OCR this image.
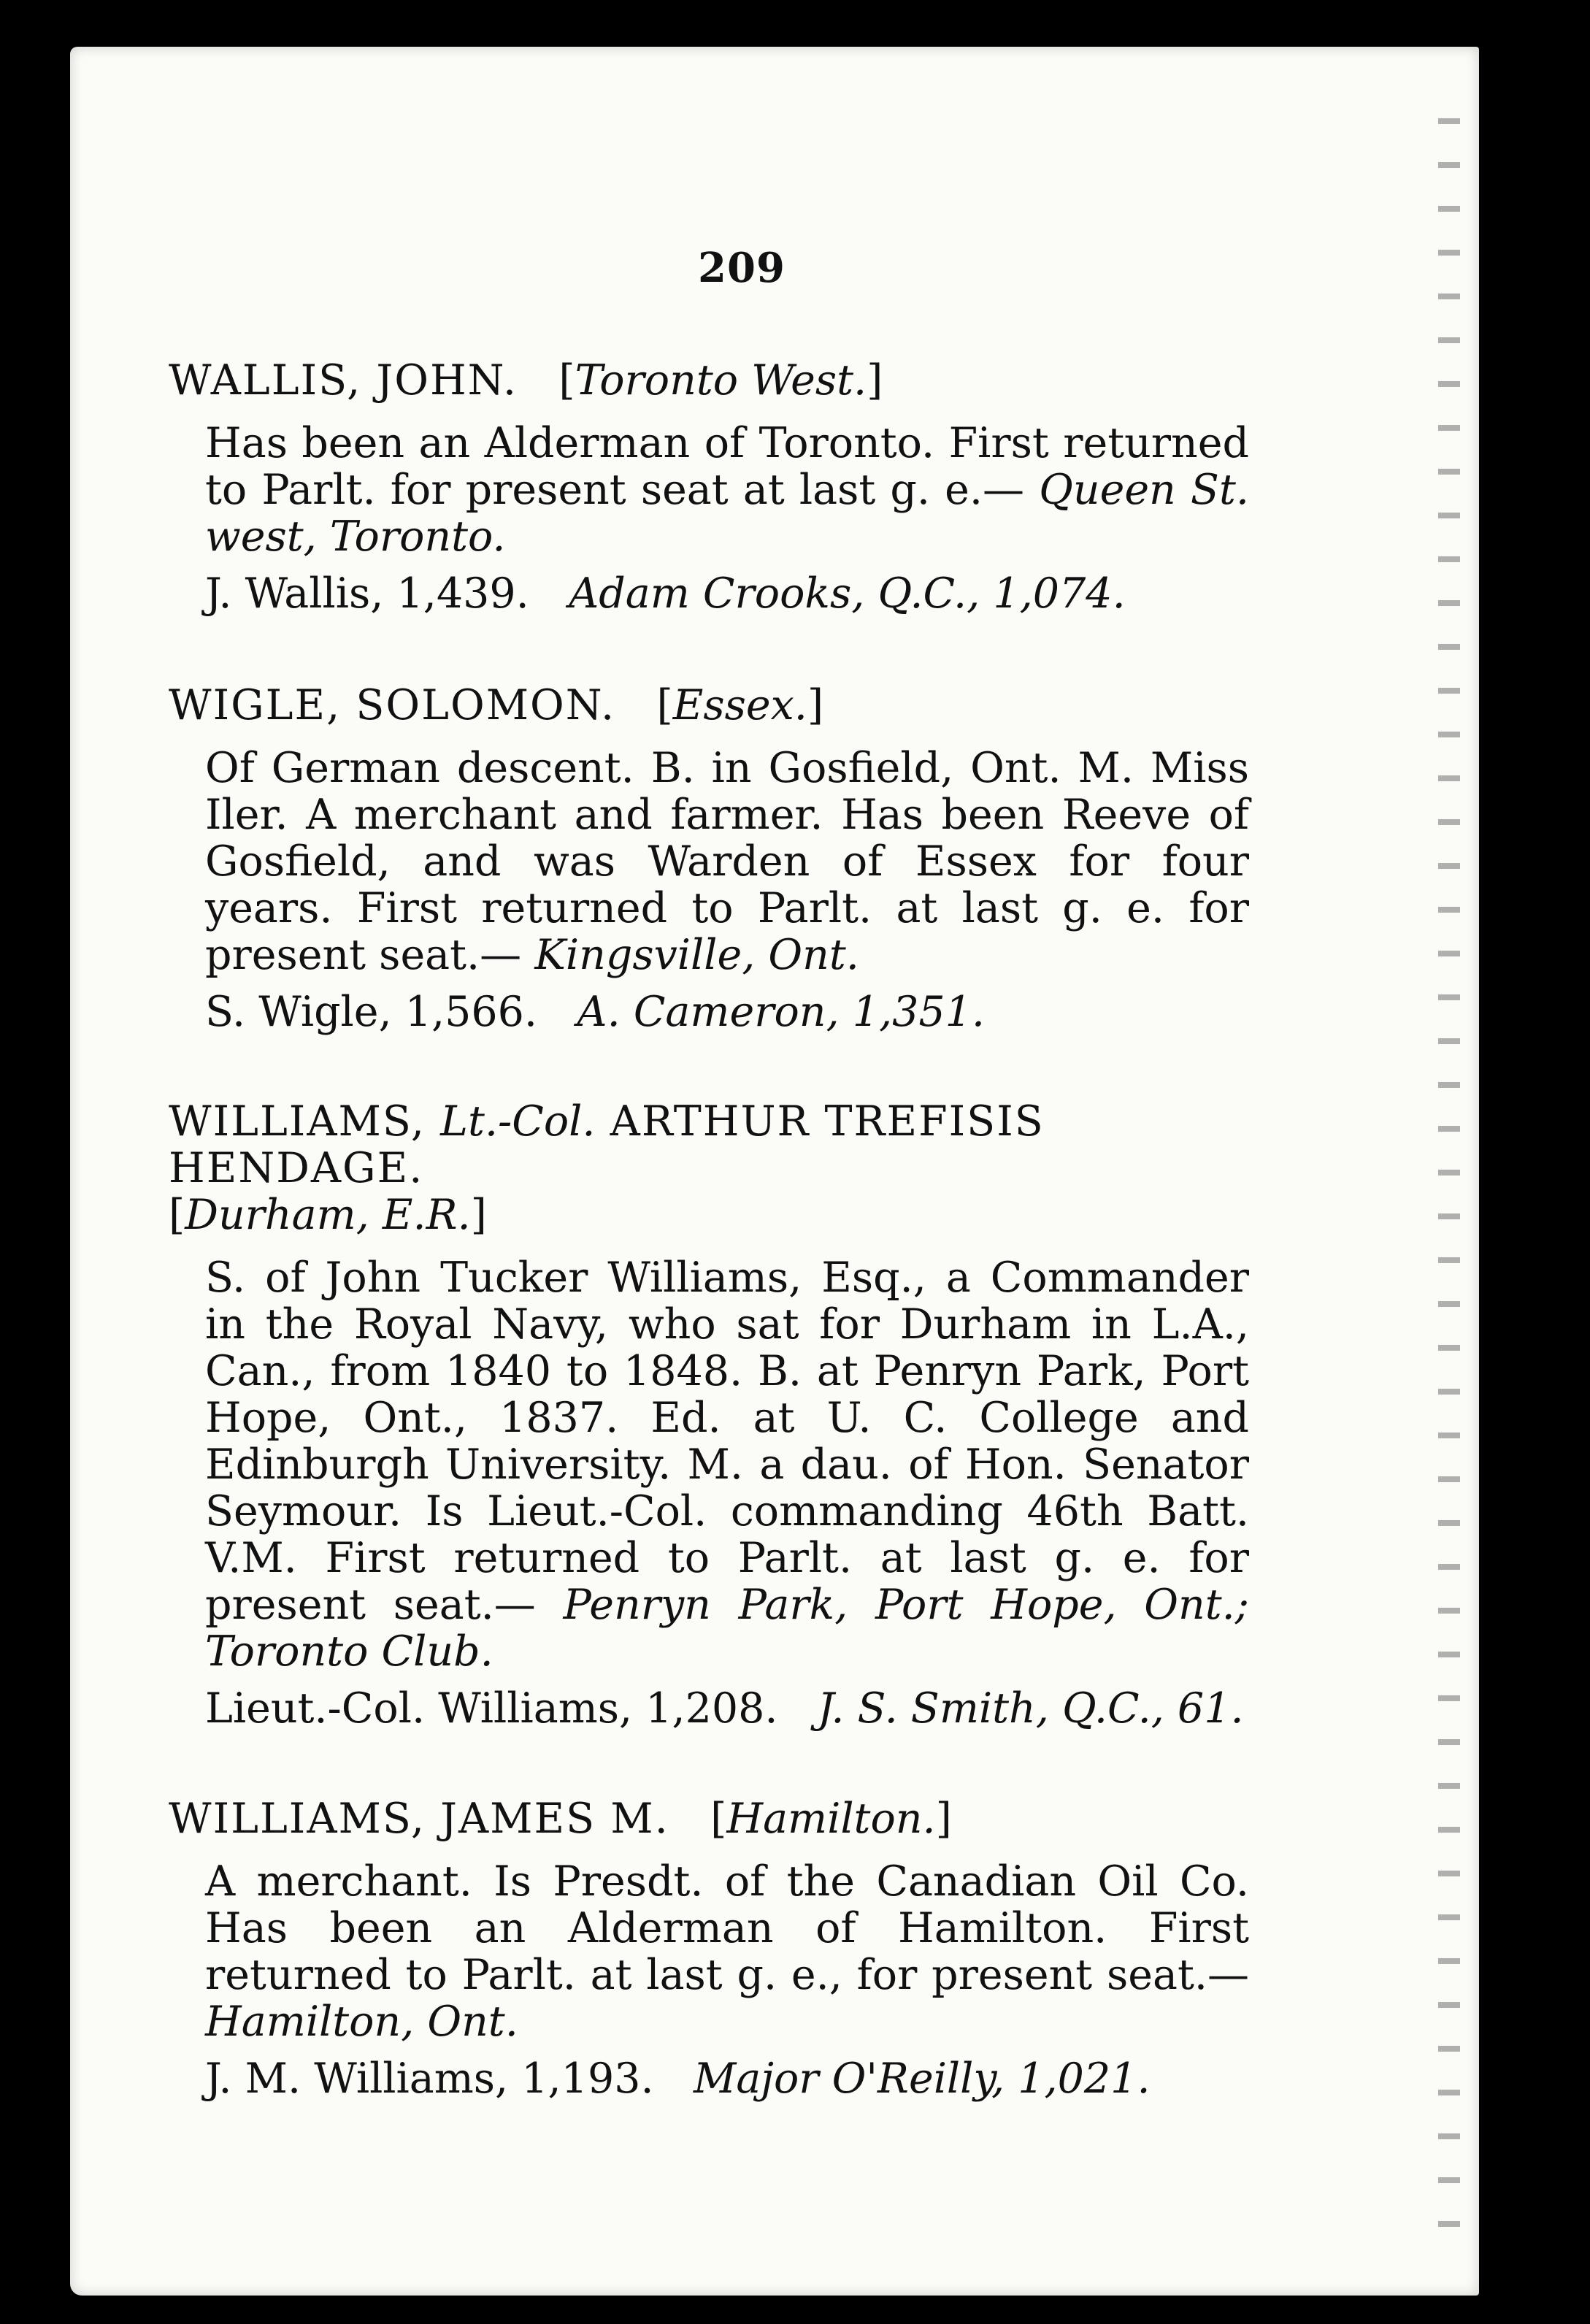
209

WALLIS, JOHN.   [Toronto West.]

Has been an Alderman of Toronto. First returned to Parlt. for present seat at last g. e.— Queen St. west, Toronto.

J. Wallis, 1,439. Adam Crooks, Q.C., 1,074.

WIGLE, SOLOMON.   [Essex.]

Of German descent. B. in Gosfield, Ont. M. Miss Iler. A merchant and farmer. Has been Reeve of Gosfield, and was Warden of Essex for four years. First returned to Parlt. at last g. e. for present seat.— Kingsville, Ont.

S. Wigle, 1,566. A. Cameron, 1,351.

WILLIAMS, Lt.-Col. ARTHUR TREFISIS HENDAGE.
[Durham, E.R.]

S. of John Tucker Williams, Esq., a Commander in the Royal Navy, who sat for Durham in L.A., Can., from 1840 to 1848. B. at Penryn Park, Port Hope, Ont., 1837. Ed. at U. C. College and Edinburgh University. M. a dau. of Hon. Senator Seymour. Is Lieut.-Col. commanding 46th Batt. V.M. First returned to Parlt. at last g. e. for present seat.— Penryn Park, Port Hope, Ont.; Toronto Club.

Lieut.-Col. Williams, 1,208. J. S. Smith, Q.C., 61.

WILLIAMS, JAMES M.   [Hamilton.]

A merchant. Is Presdt. of the Canadian Oil Co. Has been an Alderman of Hamilton. First returned to Parlt. at last g. e., for present seat.— Hamilton, Ont.

J. M. Williams, 1,193. Major O'Reilly, 1,021.
